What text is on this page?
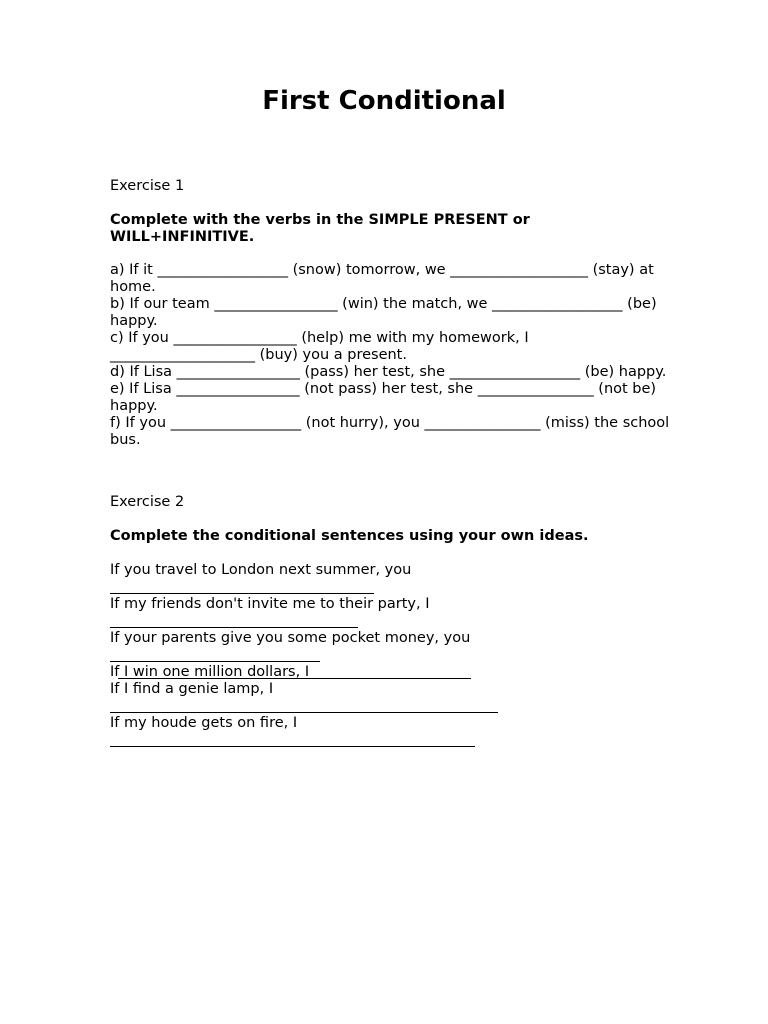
First Conditional
Exercise 1

Complete with the verbs in the SIMPLE PRESENT or WILL+INFINITIVE.

a) If it __________________ (snow) tomorrow, we ___________________ (stay) at home.
b) If our team _________________ (win) the match, we __________________ (be) happy.
c) If you _________________ (help) me with my homework, I ____________________ (buy) you a present.
d) If Lisa _________________ (pass) her test, she __________________ (be) happy.
e) If Lisa _________________ (not pass) her test, she ________________ (not be) happy.
f) If you __________________ (not hurry), you ________________ (miss) the school bus.
Exercise 2

Complete the conditional sentences using your own ideas.

If you travel to London next summer, you
If my friends don't invite me to their party, I
If your parents give you some pocket money, you
If I win one million dollars, I
If I find a genie lamp, I
If my houde gets on fire, I
